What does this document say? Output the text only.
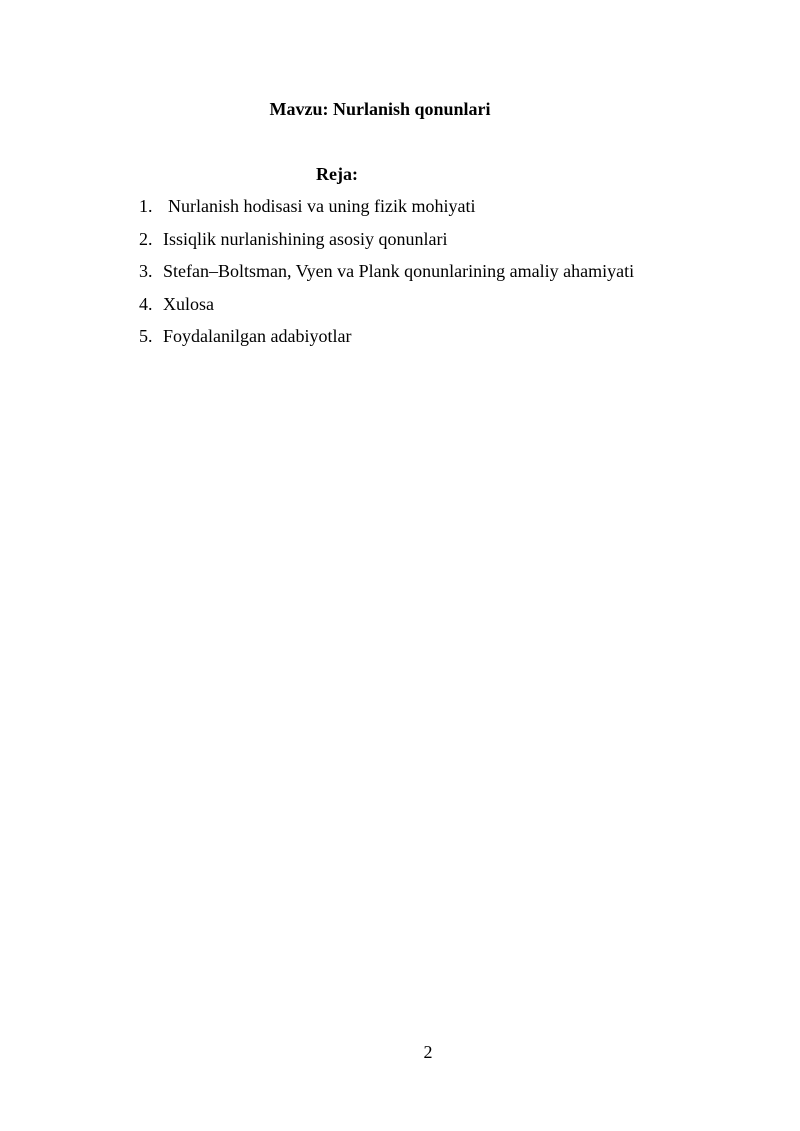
Mavzu: Nurlanish qonunlari
Reja:
1. Nurlanish hodisasi va uning fizik mohiyati
2. Issiqlik nurlanishining asosiy qonunlari
3. Stefan–Boltsman, Vyen va Plank qonunlarining amaliy ahamiyati
4. Xulosa
5. Foydalanilgan adabiyotlar
2
